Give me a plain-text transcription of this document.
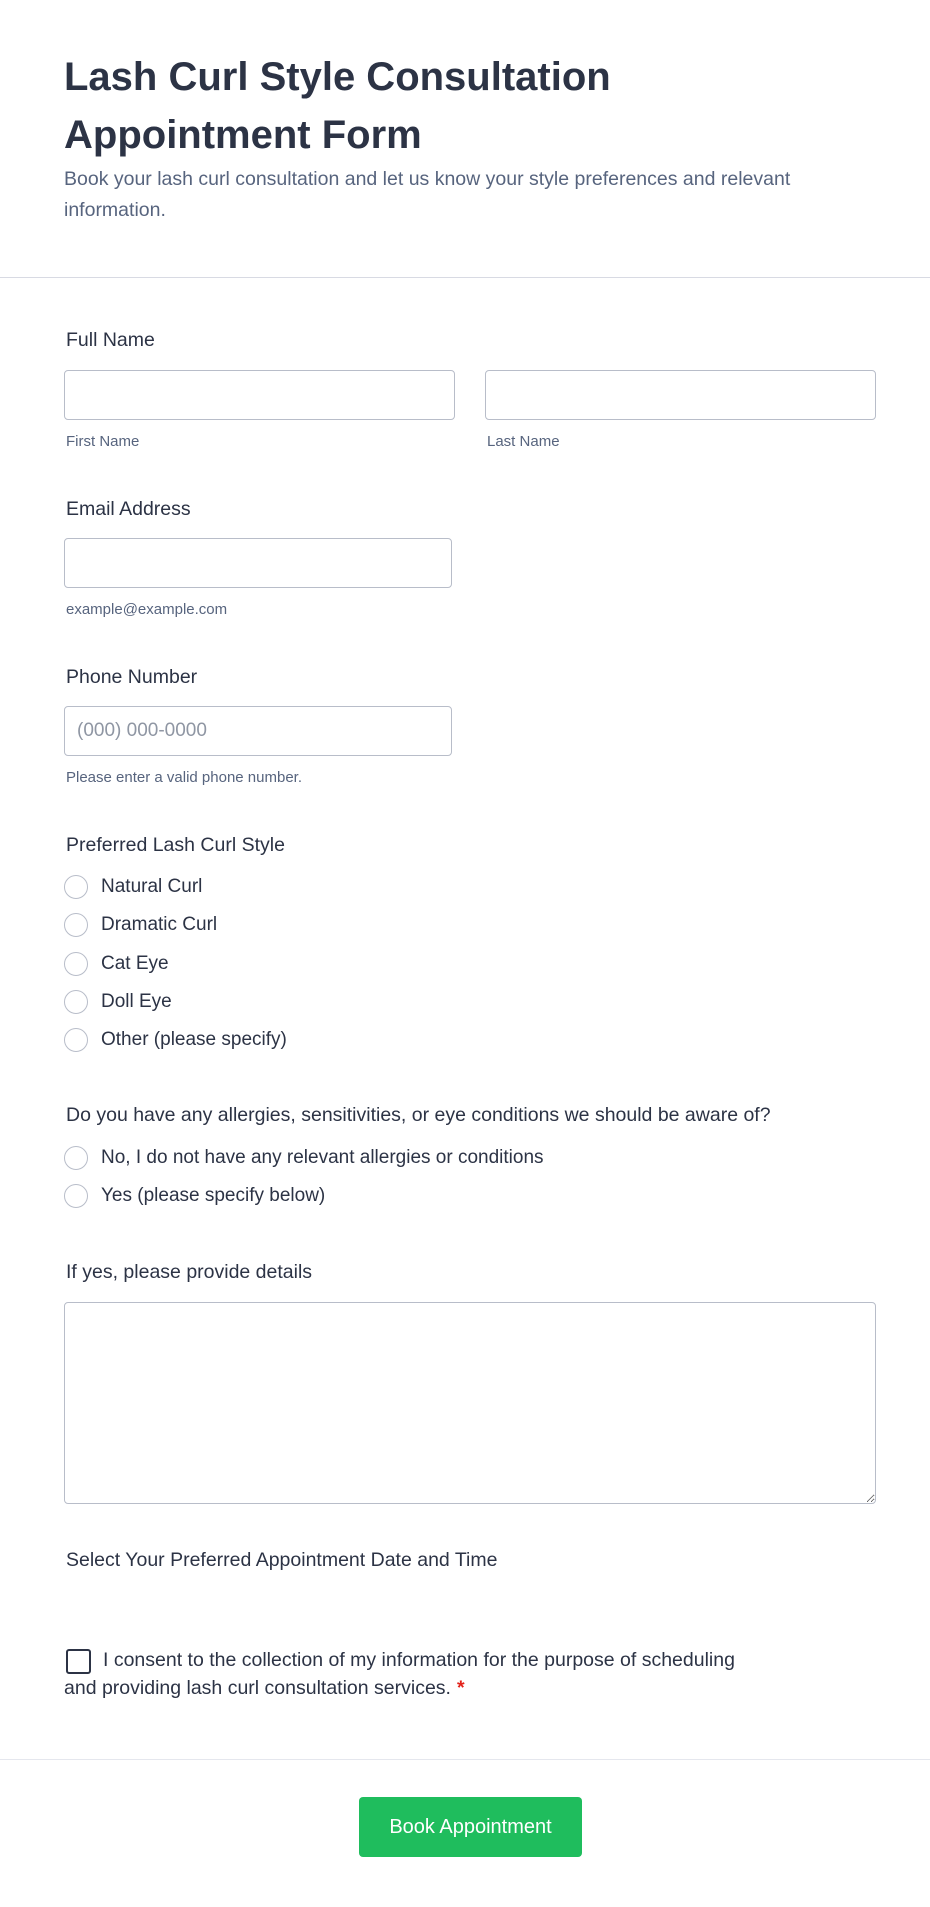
Lash Curl Style Consultation Appointment Form

Book your lash curl consultation and let us know your style preferences and relevant information.

Full Name
First Name	Last Name
Email Address
example@example.com
Phone Number
(000) 000-0000
Please enter a valid phone number.
Preferred Lash Curl Style
Natural Curl
Dramatic Curl
Cat Eye
Doll Eye
Other (please specify)
Do you have any allergies, sensitivities, or eye conditions we should be aware of?
No, I do not have any relevant allergies or conditions
Yes (please specify below)
If yes, please provide details
Select Your Preferred Appointment Date and Time

I consent to the collection of my information for the purpose of scheduling and providing lash curl consultation services. *

Book Appointment
